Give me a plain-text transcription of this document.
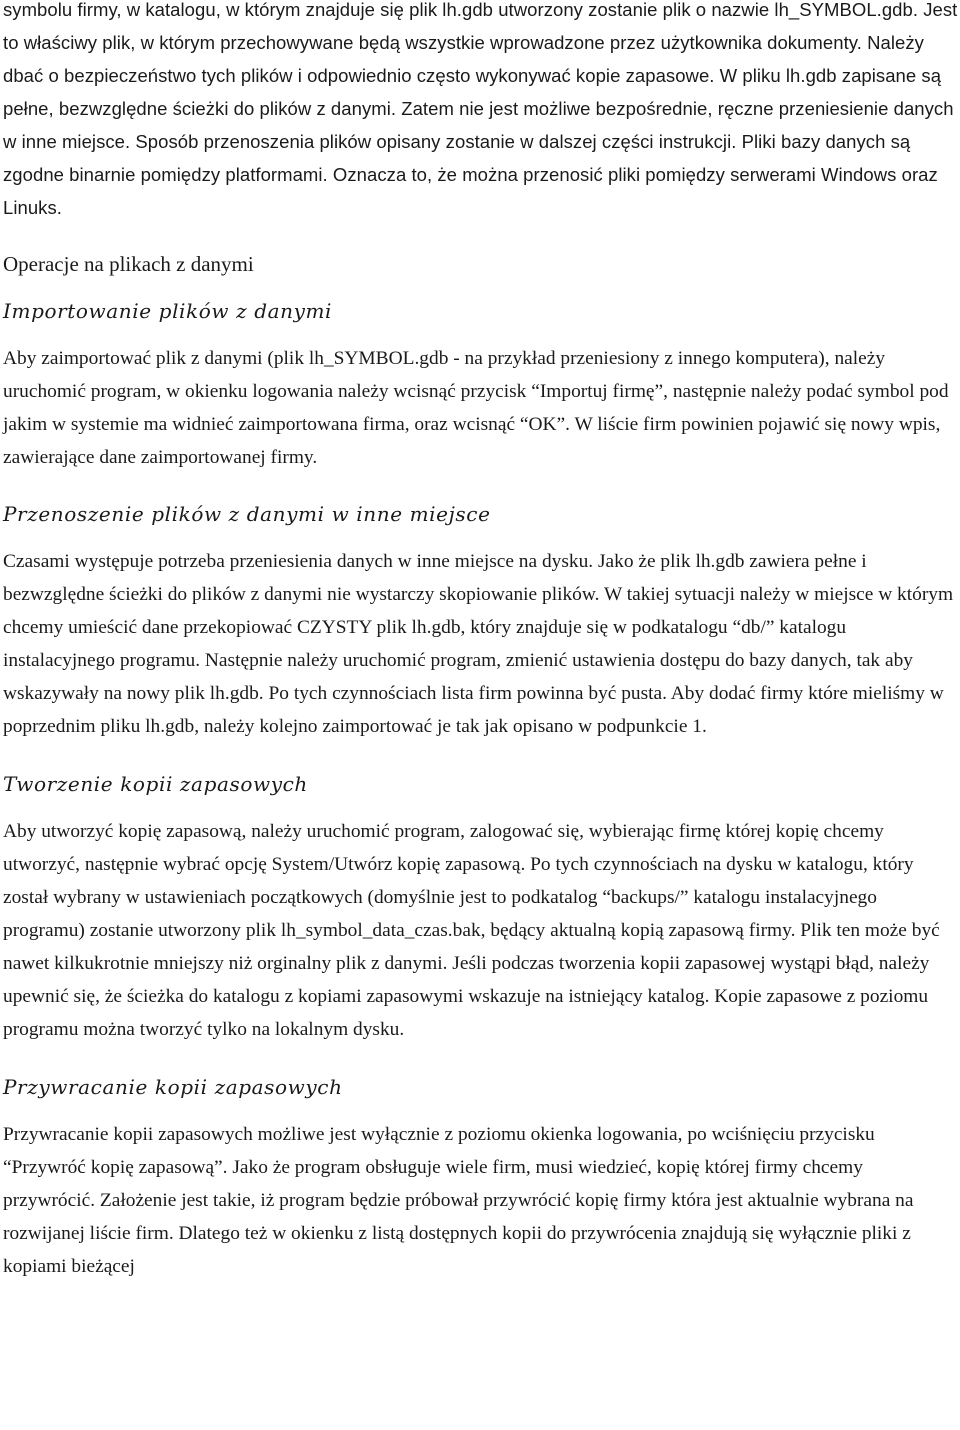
symbolu firmy, w katalogu, w którym znajduje się plik lh.gdb utworzony zostanie plik o nazwie lh_SYMBOL.gdb. Jest to właściwy plik, w którym przechowywane będą wszystkie wprowadzone przez użytkownika dokumenty. Należy dbać o bezpieczeństwo tych plików i odpowiednio często wykonywać kopie zapasowe. W pliku lh.gdb zapisane są pełne, bezwzględne ścieżki do plików z danymi. Zatem nie jest możliwe bezpośrednie, ręczne przeniesienie danych w inne miejsce. Sposób przenoszenia plików opisany zostanie w dalszej części instrukcji. Pliki bazy danych są zgodne binarnie pomiędzy platformami. Oznacza to, że można przenosić pliki pomiędzy serwerami Windows oraz Linuks.

Operacje na plikach z danymi
Importowanie plików z danymi

Aby zaimportować plik z danymi (plik lh_SYMBOL.gdb - na przykład przeniesiony z innego komputera), należy uruchomić program, w okienku logowania należy wcisnąć przycisk “Importuj firmę”, następnie należy podać symbol pod jakim w systemie ma widnieć zaimportowana firma, oraz wcisnąć “OK”. W liście firm powinien pojawić się nowy wpis, zawierające dane zaimportowanej firmy.

Przenoszenie plików z danymi w inne miejsce

Czasami występuje potrzeba przeniesienia danych w inne miejsce na dysku. Jako że plik lh.gdb zawiera pełne i bezwzględne ścieżki do plików z danymi nie wystarczy skopiowanie plików. W takiej sytuacji należy w miejsce w którym chcemy umieścić dane przekopiować CZYSTY plik lh.gdb, który znajduje się w podkatalogu “db/” katalogu instalacyjnego programu. Następnie należy uruchomić program, zmienić ustawienia dostępu do bazy danych, tak aby wskazywały na nowy plik lh.gdb. Po tych czynnościach lista firm powinna być pusta. Aby dodać firmy które mieliśmy w poprzednim pliku lh.gdb, należy kolejno zaimportować je tak jak opisano w podpunkcie 1.

Tworzenie kopii zapasowych

Aby utworzyć kopię zapasową, należy uruchomić program, zalogować się, wybierając firmę której kopię chcemy utworzyć, następnie wybrać opcję System/Utwórz kopię zapasową. Po tych czynnościach na dysku w katalogu, który został wybrany w ustawieniach początkowych (domyślnie jest to podkatalog “backups/” katalogu instalacyjnego programu) zostanie utworzony plik lh_symbol_data_czas.bak, będący aktualną kopią zapasową firmy. Plik ten może być nawet kilkukrotnie mniejszy niż orginalny plik z danymi. Jeśli podczas tworzenia kopii zapasowej wystąpi błąd, należy upewnić się, że ścieżka do katalogu z kopiami zapasowymi wskazuje na istniejący katalog. Kopie zapasowe z poziomu programu można tworzyć tylko na lokalnym dysku.

Przywracanie kopii zapasowych

Przywracanie kopii zapasowych możliwe jest wyłącznie z poziomu okienka logowania, po wciśnięciu przycisku “Przywróć kopię zapasową”. Jako że program obsługuje wiele firm, musi wiedzieć, kopię której firmy chcemy przywrócić. Założenie jest takie, iż program będzie próbował przywrócić kopię firmy która jest aktualnie wybrana na rozwijanej liście firm. Dlatego też w okienku z listą dostępnych kopii do przywrócenia znajdują się wyłącznie pliki z kopiami bieżącej
